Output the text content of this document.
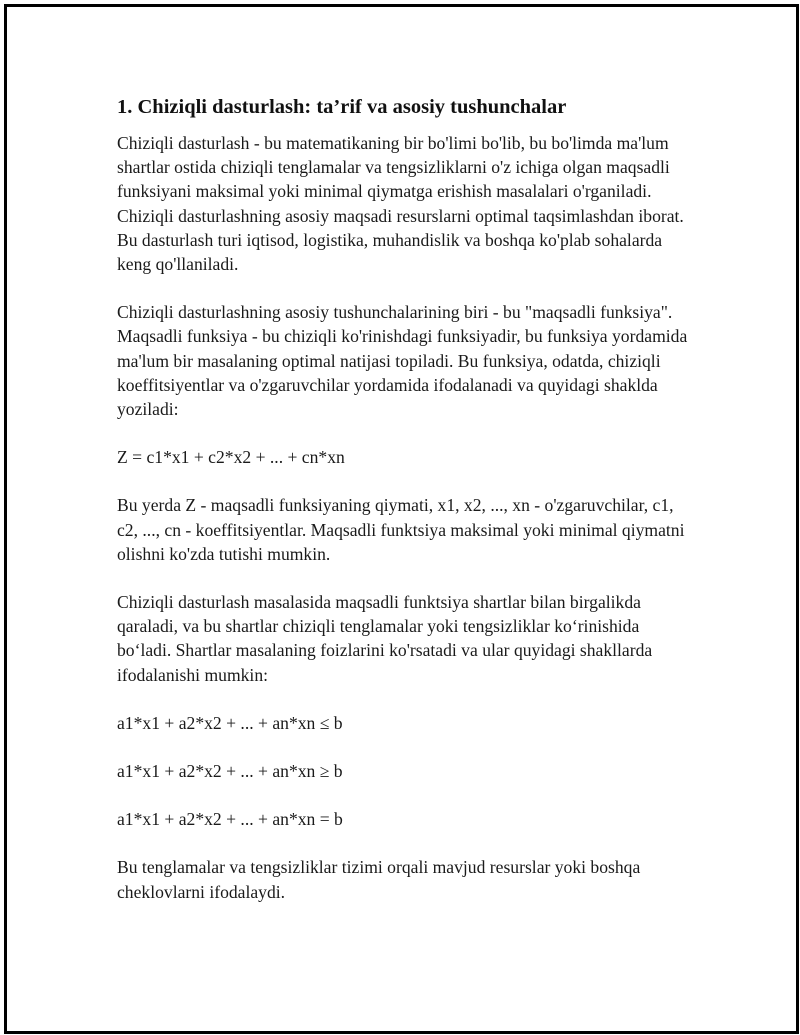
1. Chiziqli dasturlash: ta’rif va asosiy tushunchalar

Chiziqli dasturlash - bu matematikaning bir bo'limi bo'lib, bu bo'limda ma'lum shartlar ostida chiziqli tenglamalar va tengsizliklarni o'z ichiga olgan maqsadli funksiyani maksimal yoki minimal qiymatga erishish masalalari o'rganiladi. Chiziqli dasturlashning asosiy maqsadi resurslarni optimal taqsimlashdan iborat. Bu dasturlash turi iqtisod, logistika, muhandislik va boshqa ko'plab sohalarda keng qo'llaniladi.

Chiziqli dasturlashning asosiy tushunchalarining biri - bu "maqsadli funksiya". Maqsadli funksiya - bu chiziqli ko'rinishdagi funksiyadir, bu funksiya yordamida ma'lum bir masalaning optimal natijasi topiladi. Bu funksiya, odatda, chiziqli koeffitsiyentlar va o'zgaruvchilar yordamida ifodalanadi va quyidagi shaklda yoziladi:

Z = c1*x1 + c2*x2 + ... + cn*xn

Bu yerda Z - maqsadli funksiyaning qiymati, x1, x2, ..., xn - o'zgaruvchilar, c1, c2, ..., cn - koeffitsiyentlar. Maqsadli funktsiya maksimal yoki minimal qiymatni olishni ko'zda tutishi mumkin.

Chiziqli dasturlash masalasida maqsadli funktsiya shartlar bilan birgalikda qaraladi, va bu shartlar chiziqli tenglamalar yoki tengsizliklar ko‘rinishida bo‘ladi. Shartlar masalaning foizlarini ko'rsatadi va ular quyidagi shakllarda ifodalanishi mumkin:

a1*x1 + a2*x2 + ... + an*xn ≤ b

a1*x1 + a2*x2 + ... + an*xn ≥ b

a1*x1 + a2*x2 + ... + an*xn = b

Bu tenglamalar va tengsizliklar tizimi orqali mavjud resurslar yoki boshqa cheklovlarni ifodalaydi.
